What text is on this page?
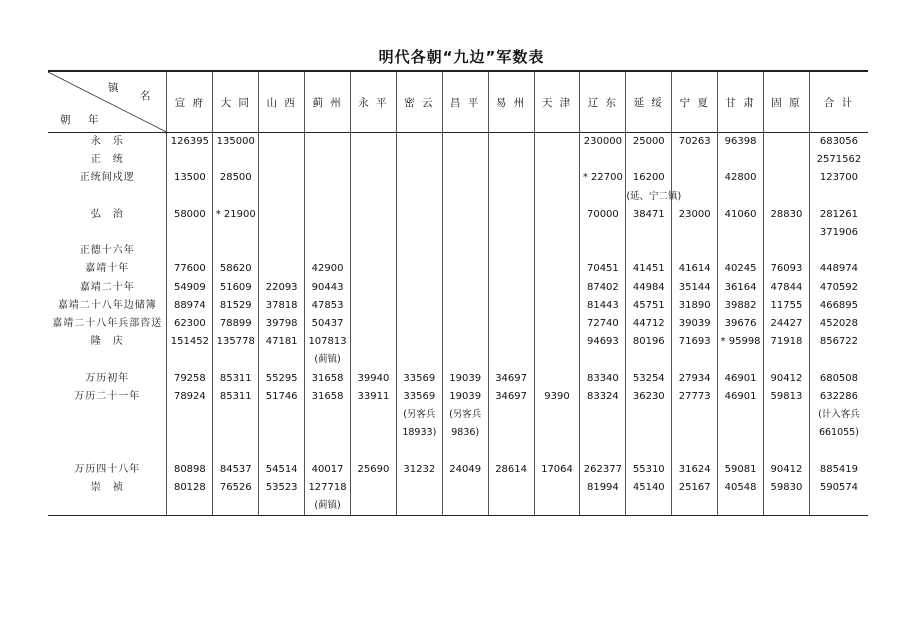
明代各朝“九边”军数表
镇
名
朝 年	宣 府	大 同	山 西	蓟 州	永 平	密 云	昌 平	易 州	天 津	辽 东	延 绥	宁 夏	甘 肃	固 原	合 计
永　乐	126395	135000								230000	25000	70263	96398		683056
正　统															2571562
正统间戍逻	13500	28500								* 22700	16200		42800		123700
											(延、宁二镇)				
弘　治	58000	* 21900								70000	38471	23000	41060	28830	281261
															371906
正德十六年															
嘉靖十年	77600	58620		42900						70451	41451	41614	40245	76093	448974
嘉靖二十年	54909	51609	22093	90443						87402	44984	35144	36164	47844	470592
嘉靖二十八年边储簿	88974	81529	37818	47853						81443	45751	31890	39882	11755	466895
嘉靖二十八年兵部咨送	62300	78899	39798	50437						72740	44712	39039	39676	24427	452028
隆　庆	151452	135778	47181	107813						94693	80196	71693	* 95998	71918	856722
				(蓟镇)											
万历初年	79258	85311	55295	31658	39940	33569	19039	34697		83340	53254	27934	46901	90412	680508
万历二十一年	78924	85311	51746	31658	33911	33569	19039	34697	9390	83324	36230	27773	46901	59813	632286
						(另客兵	(另客兵								(计入客兵
						18933)	9836)								661055)

万历四十八年	80898	84537	54514	40017	25690	31232	24049	28614	17064	262377	55310	31624	59081	90412	885419
崇　祯	80128	76526	53523	127718						81994	45140	25167	40548	59830	590574
				(蓟镇)											
